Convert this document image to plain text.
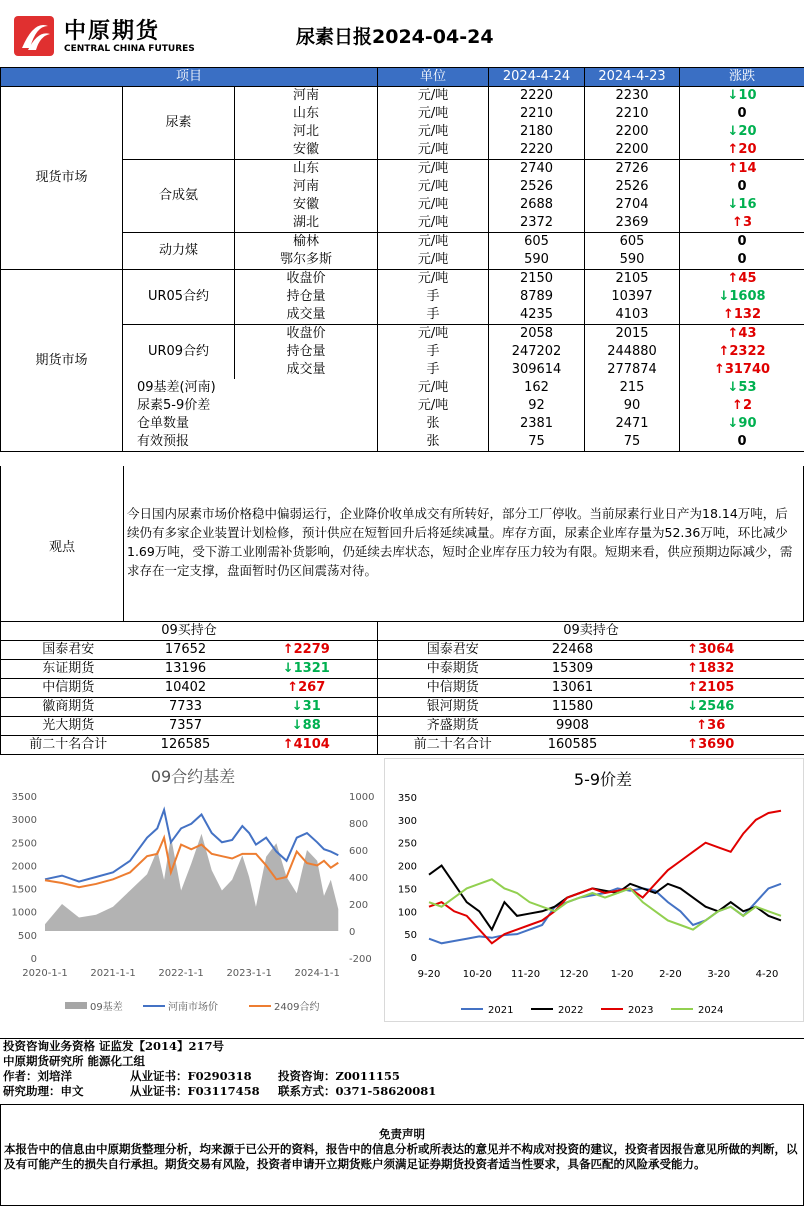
中原期货
CENTRAL CHINA FUTURES
尿素日报2024-04-24
项目			单位	2024-4-24	2024-4-23	涨跌
现货市场	尿素	河南	元/吨	2220	2230	↓10
		山东	元/吨	2210	2210	0
		河北	元/吨	2180	2200	↓20
		安徽	元/吨	2220	2200	↑20
	合成氨	山东	元/吨	2740	2726	↑14
		河南	元/吨	2526	2526	0
		安徽	元/吨	2688	2704	↓16
		湖北	元/吨	2372	2369	↑3
	动力煤	榆林	元/吨	605	605	0
		鄂尔多斯	元/吨	590	590	0
期货市场	UR05合约	收盘价	元/吨	2150	2105	↑45
		持仓量	手	8789	10397	↓1608
		成交量	手	4235	4103	↑132
	UR09合约	收盘价	元/吨	2058	2015	↑43
		持仓量	手	247202	244880	↑2322
		成交量	手	309614	277874	↑31740
	09基差(河南)		元/吨	162	215	↓53
	尿素5-9价差		元/吨	92	90	↑2
	仓单数量		张	2381	2471	↓90
	有效预报		张	75	75	0
观点
今日国内尿素市场价格稳中偏弱运行，企业降价收单成交有所转好，部分工厂停收。当前尿素行业日产为18.14万吨，后续仍有多家企业装置计划检修，预计供应在短暂回升后将延续减量。库存方面，尿素企业库存量为52.36万吨，环比减少1.69万吨，受下游工业刚需补货影响，仍延续去库状态，短时企业库存压力较为有限。短期来看，供应预期边际减少，需求存在一定支撑，盘面暂时仍区间震荡对待。
09买持仓			09卖持仓		
国泰君安	17652	↑2279	国泰君安	22468	↑3064
东证期货	13196	↓1321	中泰期货	15309	↑1832
中信期货	10402	↑267	中信期货	13061	↑2105
徽商期货	7733	↓31	银河期货	11580	↓2546
光大期货	7357	↓88	齐盛期货	9908	↑36
前二十名合计	126585	↑4104	前二十名合计	160585	↑3690
09合约基差
0
500
1000
1500
2000
2500
3000
3500
-200
0
200
400
600
800
1000
2020-1-1 2021-1-1 2022-1-1 2023-1-1 2024-1-1
09基差	河南市场价	2409合约
5-9价差
0
50
100
150
200
250
300
350
9-20 10-20 11-20 12-20 1-20	2-20	3-20	4-20
2021	2022	2023	2024
投资咨询业务资格 证监发【2014】217号
中原期货研究所 能源化工组
作者：刘培洋	从业证书：F0290318 投资咨询：Z0011155
研究助理：申文	从业证书：F03117458 联系方式：0371-58620081
免责声明
本报告中的信息由中原期货整理分析，均来源于已公开的资料，报告中的信息分析或所表达的意见并不构成对投资的建议，投资者因报告意见所做的判断，以及有可能产生的损失自行承担。期货交易有风险，投资者申请开立期货账户须满足证券期货投资者适当性要求，具备匹配的风险承受能力。
